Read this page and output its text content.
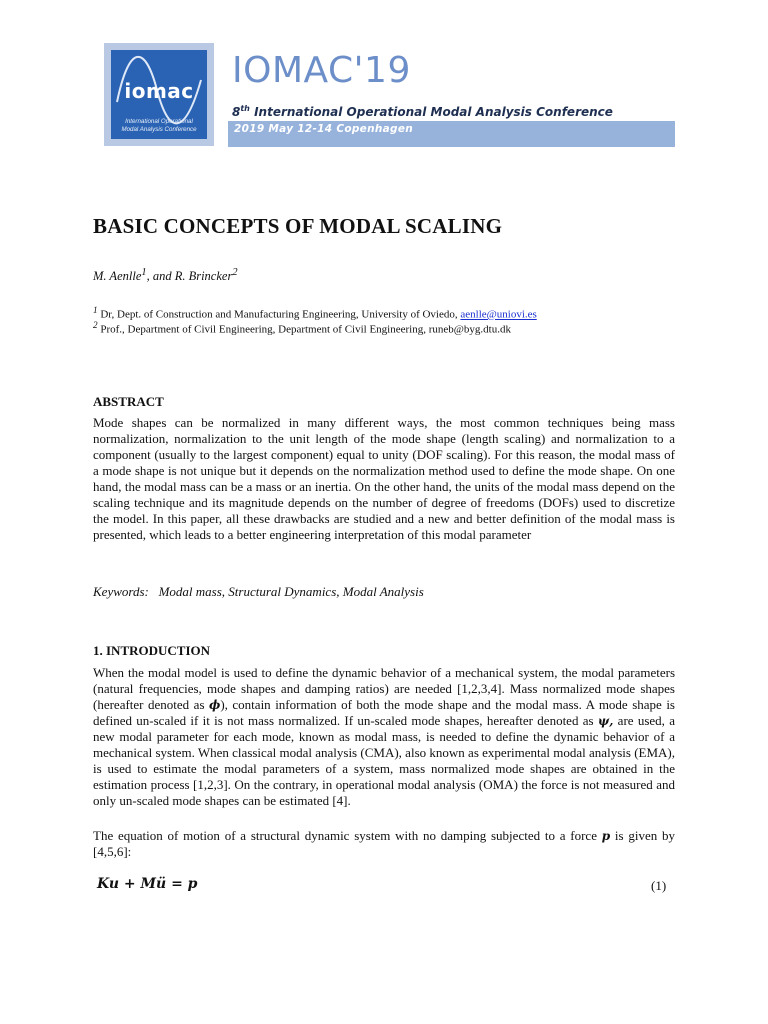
iomac
International Operational
Modal Analysis Conference
IOMAC'19
8th International Operational Modal Analysis Conference
2019 May 12-14 Copenhagen
BASIC CONCEPTS OF MODAL SCALING
M. Aenlle$^1$, and R. Brincker$^2$
$^1$ Dr, Dept. of Construction and Manufacturing Engineering, University of Oviedo, aenlle@uniovi.es
$^2$ Prof., Department of Civil Engineering, Department of Civil Engineering, runeb@byg.dtu.dk
ABSTRACT

Mode shapes can be normalized in many different ways, the most common techniques being mass normalization, normalization to the unit length of the mode shape (length scaling) and normalization to a component (usually to the largest component) equal to unity (DOF scaling). For this reason, the modal mass of a mode shape is not unique but it depends on the normalization method used to define the mode shape. On one hand, the modal mass can be a mass or an inertia. On the other hand, the units of the modal mass depend on the scaling technique and its magnitude depends on the number of degree of freedoms (DOFs) used to discretize the model. In this paper, all these drawbacks are studied and a new and better definition of the modal mass is presented, which leads to a better engineering interpretation of this modal parameter

Keywords:   Modal mass, Structural Dynamics, Modal Analysis
1. INTRODUCTION

When the modal model is used to define the dynamic behavior of a mechanical system, the modal parameters (natural frequencies, mode shapes and damping ratios) are needed [1,2,3,4]. Mass normalized mode shapes (hereafter denoted as ϕ), contain information of both the mode shape and the modal mass. A mode shape is defined un-scaled if it is not mass normalized. If un-scaled mode shapes, hereafter denoted as ψ, are used, a new modal parameter for each mode, known as modal mass, is needed to define the dynamic behavior of a mechanical system. When classical modal analysis (CMA), also known as experimental modal analysis (EMA), is used to estimate the modal parameters of a system, mass normalized mode shapes are obtained in the estimation process [1,2,3]. On the contrary, in operational modal analysis (OMA) the force is not measured and only un-scaled mode shapes can be estimated [4].

The equation of motion of a structural dynamic system with no damping subjected to a force p is given by [4,5,6]:

Ku + Mü = p	(1)
